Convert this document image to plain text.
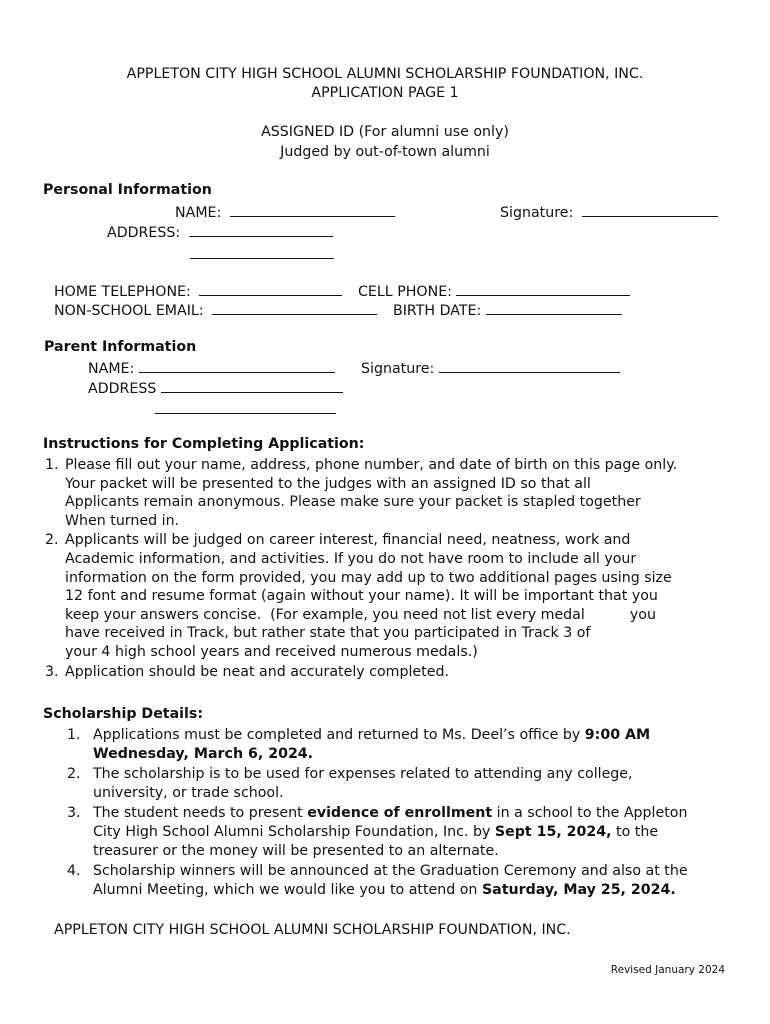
APPLETON CITY HIGH SCHOOL ALUMNI SCHOLARSHIP FOUNDATION, INC.
APPLICATION PAGE 1
ASSIGNED ID (For alumni use only)
Judged by out-of-town alumni
Personal Information
NAME:	Signature:
ADDRESS:
HOME TELEPHONE:	CELL PHONE:
NON-SCHOOL EMAIL:	BIRTH DATE:
Parent Information
NAME:	Signature:
ADDRESS
Instructions for Completing Application:
1. Please fill out your name, address, phone number, and date of birth on this page only.
Your packet will be presented to the judges with an assigned ID so that all
Applicants remain anonymous. Please make sure your packet is stapled together
When turned in.
2. Applicants will be judged on career interest, financial need, neatness, work and
Academic information, and activities. If you do not have room to include all your
information on the form provided, you may add up to two additional pages using size
12 font and resume format (again without your name). It will be important that you
keep your answers concise.  (For example, you need not list every medal          you
have received in Track, but rather state that you participated in Track 3 of
your 4 high school years and received numerous medals.)
3. Application should be neat and accurately completed.
Scholarship Details:
1. Applications must be completed and returned to Ms. Deel’s office by 9:00 AM
Wednesday, March 6, 2024.
2. The scholarship is to be used for expenses related to attending any college,
university, or trade school.
3. The student needs to present evidence of enrollment in a school to the Appleton
City High School Alumni Scholarship Foundation, Inc. by Sept 15, 2024, to the
treasurer or the money will be presented to an alternate.
4. Scholarship winners will be announced at the Graduation Ceremony and also at the
Alumni Meeting, which we would like you to attend on Saturday, May 25, 2024.
APPLETON CITY HIGH SCHOOL ALUMNI SCHOLARSHIP FOUNDATION, INC.
Revised January 2024
